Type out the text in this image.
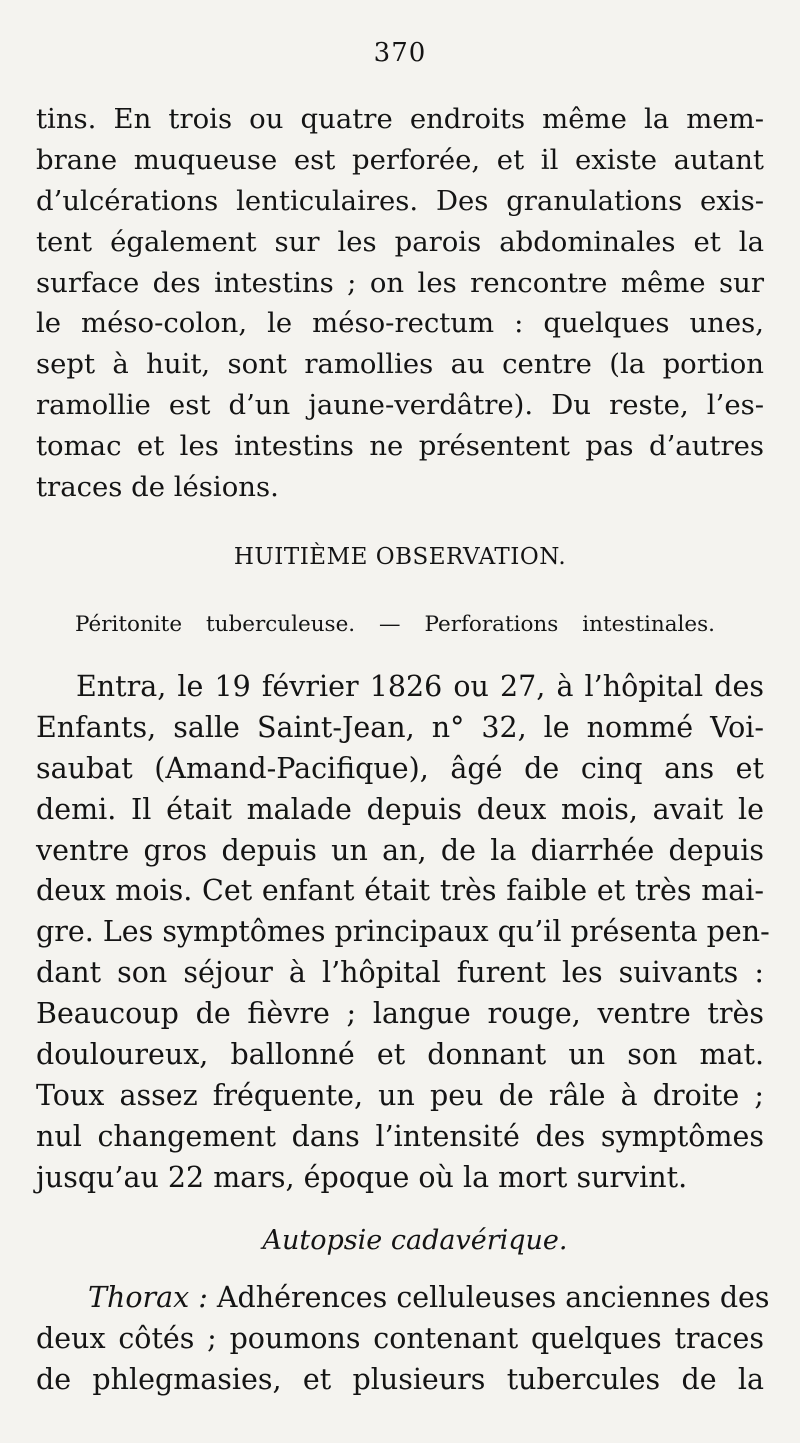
370
tins. En trois ou quatre endroits même la mem-
brane muqueuse est perforée, et il existe autant
d’ulcérations lenticulaires. Des granulations exis-
tent également sur les parois abdominales et la
surface des intestins ; on les rencontre même sur
le méso-colon, le méso-rectum : quelques unes,
sept à huit, sont ramollies au centre (la portion
ramollie est d’un jaune-verdâtre). Du reste, l’es-
tomac et les intestins ne présentent pas d’autres
traces de lésions.
HUITIÈME OBSERVATION.
Péritonite tuberculeuse. — Perforations intestinales.
Entra, le 19 février 1826 ou 27, à l’hôpital des
Enfants, salle Saint-Jean, n° 32, le nommé Voi-
saubat (Amand-Pacifique), âgé de cinq ans et
demi. Il était malade depuis deux mois, avait le
ventre gros depuis un an, de la diarrhée depuis
deux mois. Cet enfant était très faible et très mai-
gre. Les symptômes principaux qu’il présenta pen-
dant son séjour à l’hôpital furent les suivants :
Beaucoup de fièvre ; langue rouge, ventre très
douloureux, ballonné et donnant un son mat.
Toux assez fréquente, un peu de râle à droite ;
nul changement dans l’intensité des symptômes
jusqu’au 22 mars, époque où la mort survint.
Autopsie cadavérique.
Thorax : Adhérences celluleuses anciennes des
deux côtés ; poumons contenant quelques traces
de phlegmasies, et plusieurs tubercules de la
